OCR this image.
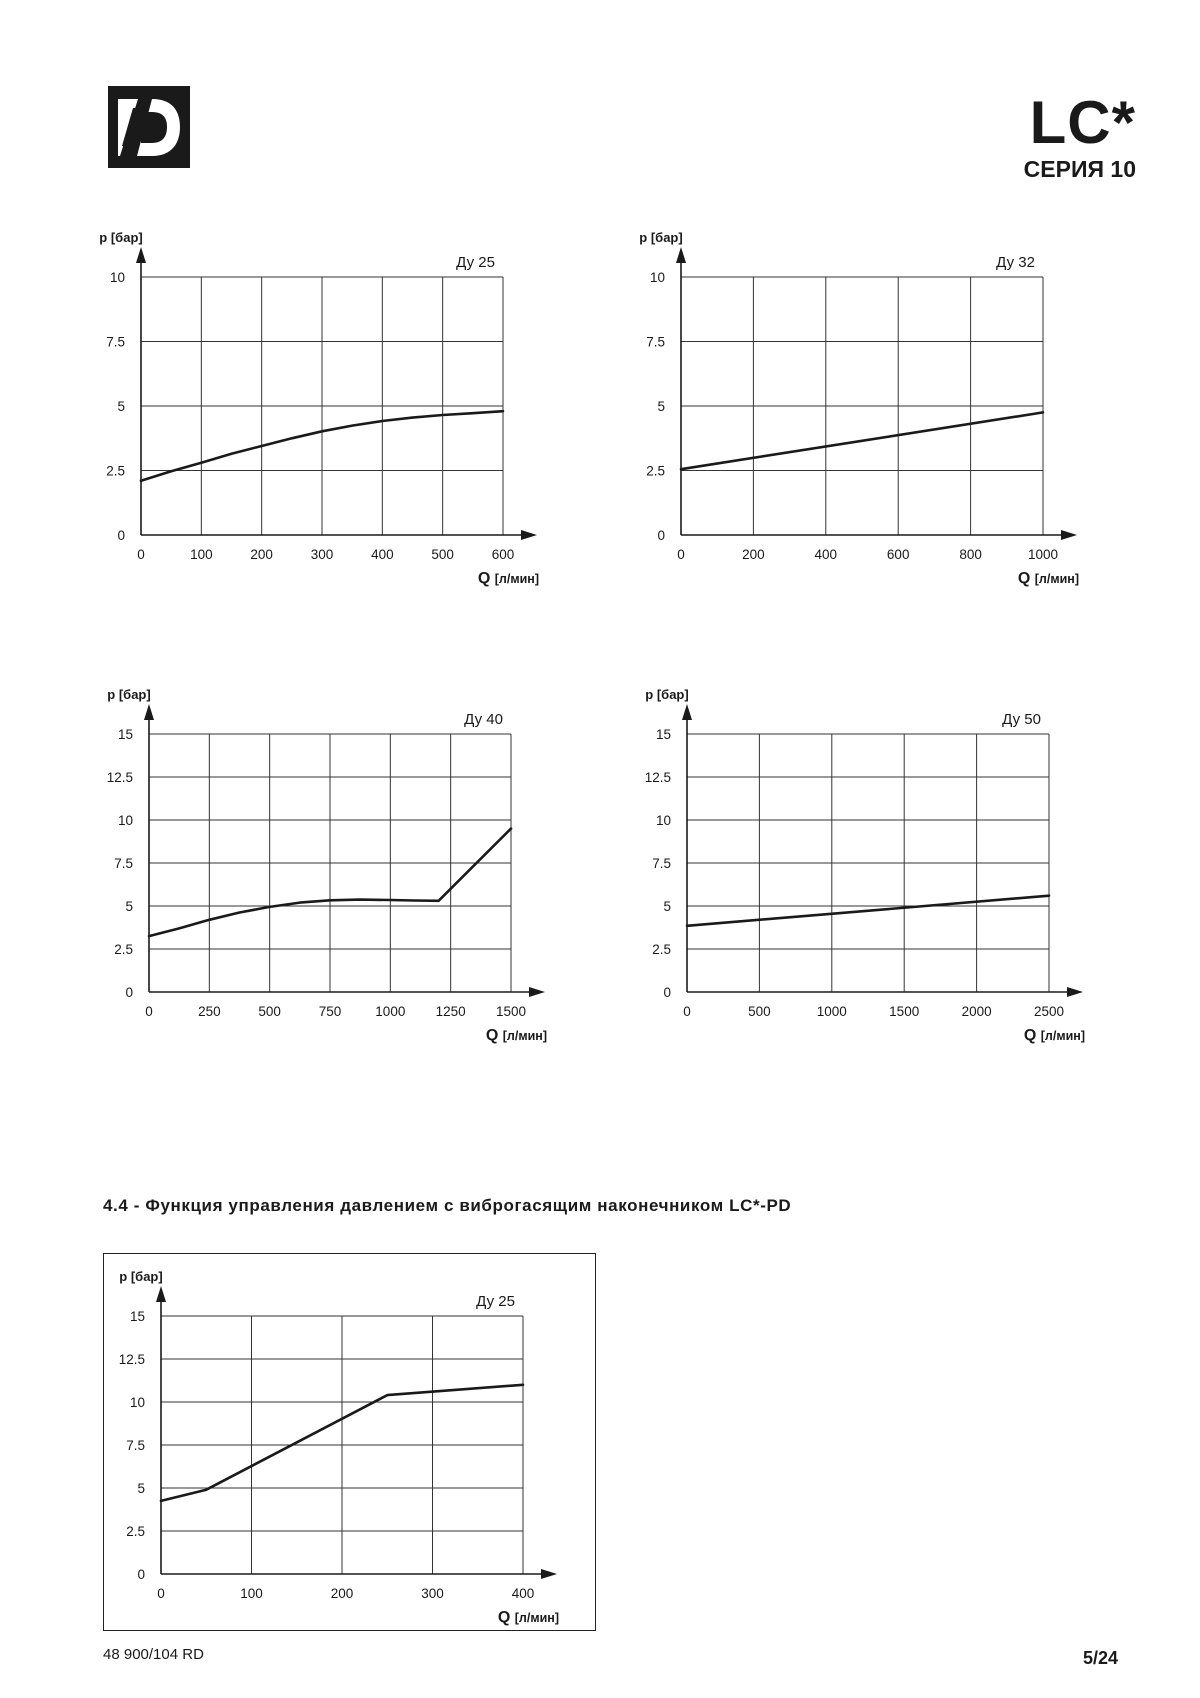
LC*
СЕРИЯ 10
0	100	200	300	400	500	600
0
2.5
5
7.5
10
p [бар]
Q [л/мин]
Ду 25
0	200	400	600	800	1000
0
2.5
5
7.5
10
p [бар]
Q [л/мин]
Ду 32
0	250	500	750	1000 1250 1500
0
2.5
5
7.5
10
12.5
15
p [бар]
Q [л/мин]
Ду 40
0	500	1000	1500	2000	2500
0
2.5
5
7.5
10
12.5
15
p [бар]
Q [л/мин]
Ду 50
4.4 - Функция управления давлением с виброгасящим наконечником LC*-PD
0	100	200	300	400
0
2.5
5
7.5
10
12.5
15
p [бар]
Q [л/мин]
Ду 25
48 900/104 RD	5/24
